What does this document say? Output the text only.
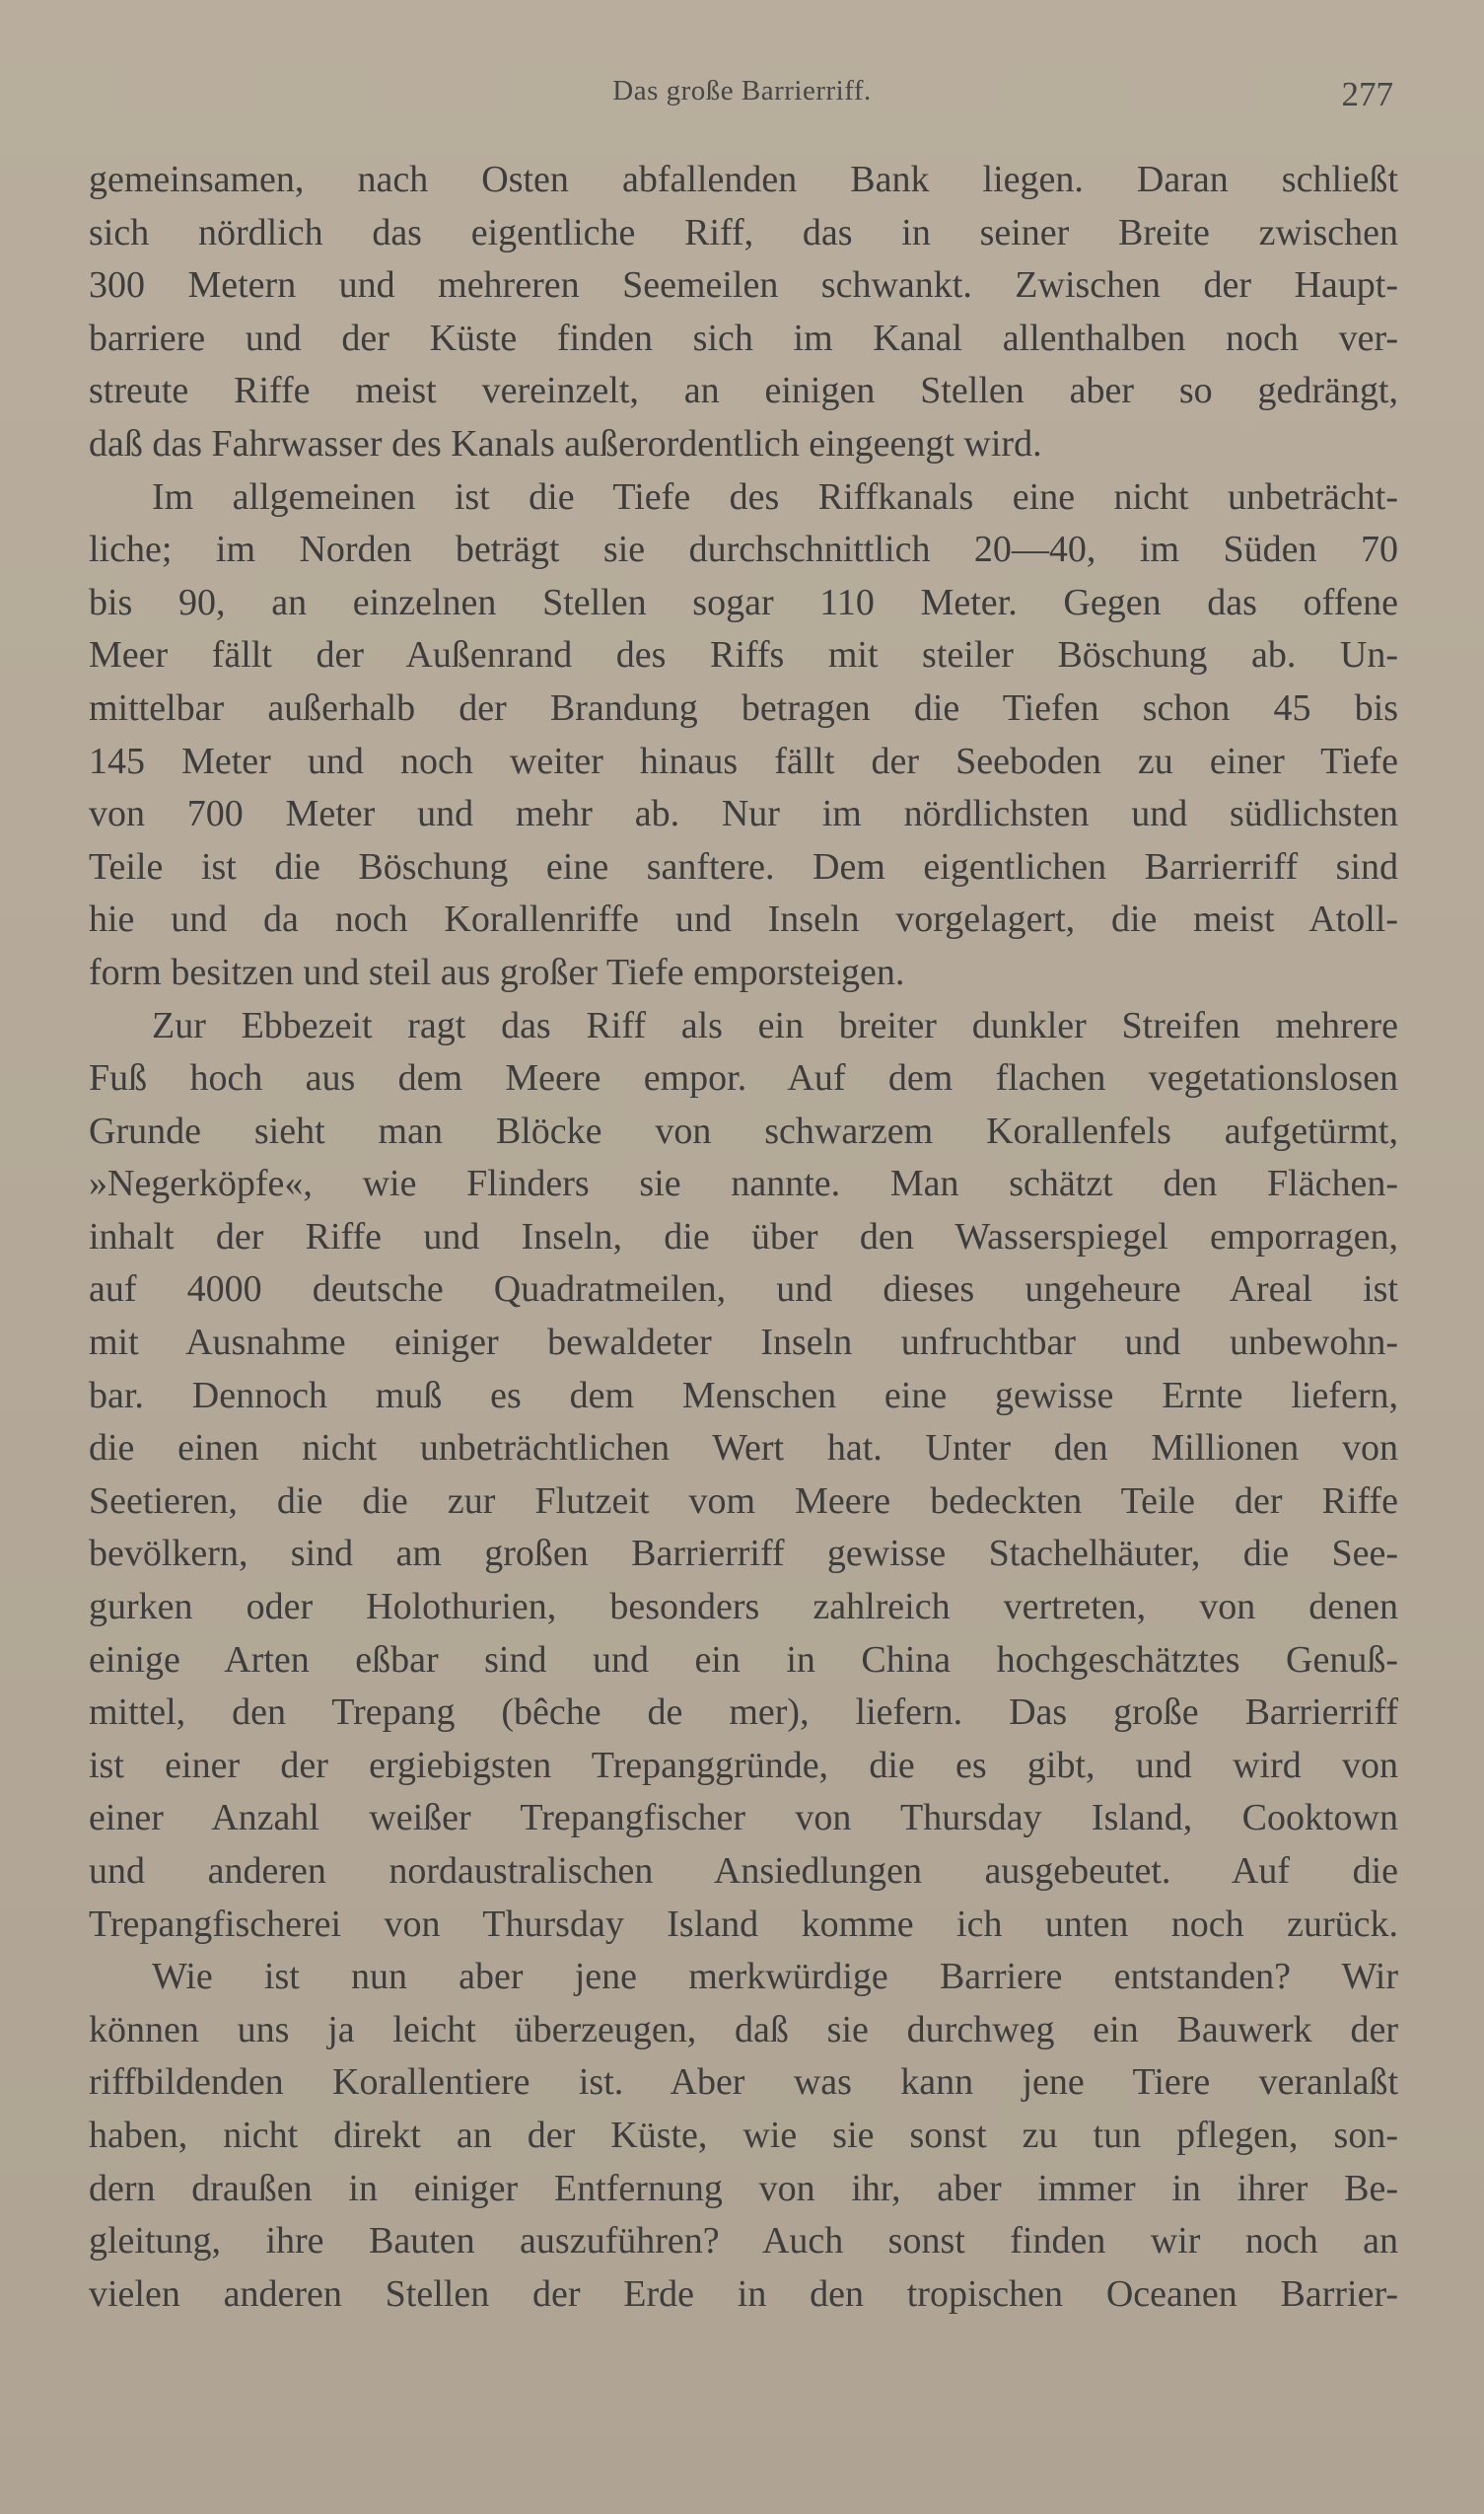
Das große Barrierriff.	277
gemeinsamen, nach Osten abfallenden Bank liegen. Daran schließt
sich nördlich das eigentliche Riff, das in seiner Breite zwischen
300 Metern und mehreren Seemeilen schwankt. Zwischen der Haupt-
barriere und der Küste finden sich im Kanal allenthalben noch ver-
streute Riffe meist vereinzelt, an einigen Stellen aber so gedrängt,
daß das Fahrwasser des Kanals außerordentlich eingeengt wird.
Im allgemeinen ist die Tiefe des Riffkanals eine nicht unbeträcht-
liche; im Norden beträgt sie durchschnittlich 20—40, im Süden 70
bis 90, an einzelnen Stellen sogar 110 Meter. Gegen das offene
Meer fällt der Außenrand des Riffs mit steiler Böschung ab. Un-
mittelbar außerhalb der Brandung betragen die Tiefen schon 45 bis
145 Meter und noch weiter hinaus fällt der Seeboden zu einer Tiefe
von 700 Meter und mehr ab. Nur im nördlichsten und südlichsten
Teile ist die Böschung eine sanftere. Dem eigentlichen Barrierriff sind
hie und da noch Korallenriffe und Inseln vorgelagert, die meist Atoll-
form besitzen und steil aus großer Tiefe emporsteigen.
Zur Ebbezeit ragt das Riff als ein breiter dunkler Streifen mehrere
Fuß hoch aus dem Meere empor. Auf dem flachen vegetationslosen
Grunde sieht man Blöcke von schwarzem Korallenfels aufgetürmt,
»Negerköpfe«, wie Flinders sie nannte. Man schätzt den Flächen-
inhalt der Riffe und Inseln, die über den Wasserspiegel emporragen,
auf 4000 deutsche Quadratmeilen, und dieses ungeheure Areal ist
mit Ausnahme einiger bewaldeter Inseln unfruchtbar und unbewohn-
bar. Dennoch muß es dem Menschen eine gewisse Ernte liefern,
die einen nicht unbeträchtlichen Wert hat. Unter den Millionen von
Seetieren, die die zur Flutzeit vom Meere bedeckten Teile der Riffe
bevölkern, sind am großen Barrierriff gewisse Stachelhäuter, die See-
gurken oder Holothurien, besonders zahlreich vertreten, von denen
einige Arten eßbar sind und ein in China hochgeschätztes Genuß-
mittel, den Trepang (bêche de mer), liefern. Das große Barrierriff
ist einer der ergiebigsten Trepanggründe, die es gibt, und wird von
einer Anzahl weißer Trepangfischer von Thursday Island, Cooktown
und anderen nordaustralischen Ansiedlungen ausgebeutet. Auf die
Trepangfischerei von Thursday Island komme ich unten noch zurück.
Wie ist nun aber jene merkwürdige Barriere entstanden? Wir
können uns ja leicht überzeugen, daß sie durchweg ein Bauwerk der
riffbildenden Korallentiere ist. Aber was kann jene Tiere veranlaßt
haben, nicht direkt an der Küste, wie sie sonst zu tun pflegen, son-
dern draußen in einiger Entfernung von ihr, aber immer in ihrer Be-
gleitung, ihre Bauten auszuführen? Auch sonst finden wir noch an
vielen anderen Stellen der Erde in den tropischen Oceanen Barrier-
